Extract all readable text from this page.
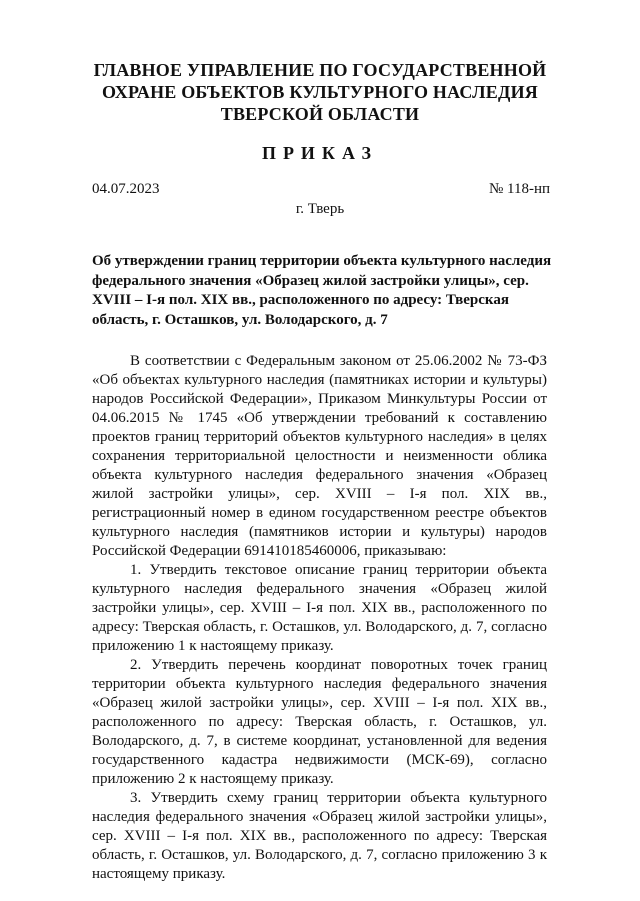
ГЛАВНОЕ УПРАВЛЕНИЕ ПО ГОСУДАРСТВЕННОЙ
ОХРАНЕ ОБЪЕКТОВ КУЛЬТУРНОГО НАСЛЕДИЯ
ТВЕРСКОЙ ОБЛАСТИ
ПРИКАЗ
04.07.2023	№ 118-нп
г. Тверь
Об утверждении границ территории объекта культурного наследия федерального значения «Образец жилой застройки улицы», сер. XVIII – I-я пол. XIX вв., расположенного по адресу: Тверская область, г. Осташков, ул. Володарского, д. 7

В соответствии с Федеральным законом от 25.06.2002 № 73-ФЗ «Об объектах культурного наследия (памятниках истории и культуры) народов Российской Федерации», Приказом Минкультуры России от 04.06.2015 № 1745 «Об утверждении требований к составлению проектов границ территорий объектов культурного наследия» в целях сохранения территориальной целостности и неизменности облика объекта культурного наследия федерального значения «Образец жилой застройки улицы», сер. XVIII – I-я пол. XIX вв., регистрационный номер в едином государственном реестре объектов культурного наследия (памятников истории и культуры) народов Российской Федерации 691410185460006, приказываю:

1. Утвердить текстовое описание границ территории объекта культурного наследия федерального значения «Образец жилой застройки улицы», сер. XVIII – I-я пол. XIX вв., расположенного по адресу: Тверская область, г. Осташков, ул. Володарского, д. 7, согласно приложению 1 к настоящему приказу.

2. Утвердить перечень координат поворотных точек границ территории объекта культурного наследия федерального значения «Образец жилой застройки улицы», сер. XVIII – I-я пол. XIX вв., расположенного по адресу: Тверская область, г. Осташков, ул. Володарского, д. 7, в системе координат, установленной для ведения государственного кадастра недвижимости (МСК-69), согласно приложению 2 к настоящему приказу.

3. Утвердить схему границ территории объекта культурного наследия федерального значения «Образец жилой застройки улицы», сер. XVIII – I-я пол. XIX вв., расположенного по адресу: Тверская область, г. Осташков, ул. Володарского, д. 7, согласно приложению 3 к настоящему приказу.
